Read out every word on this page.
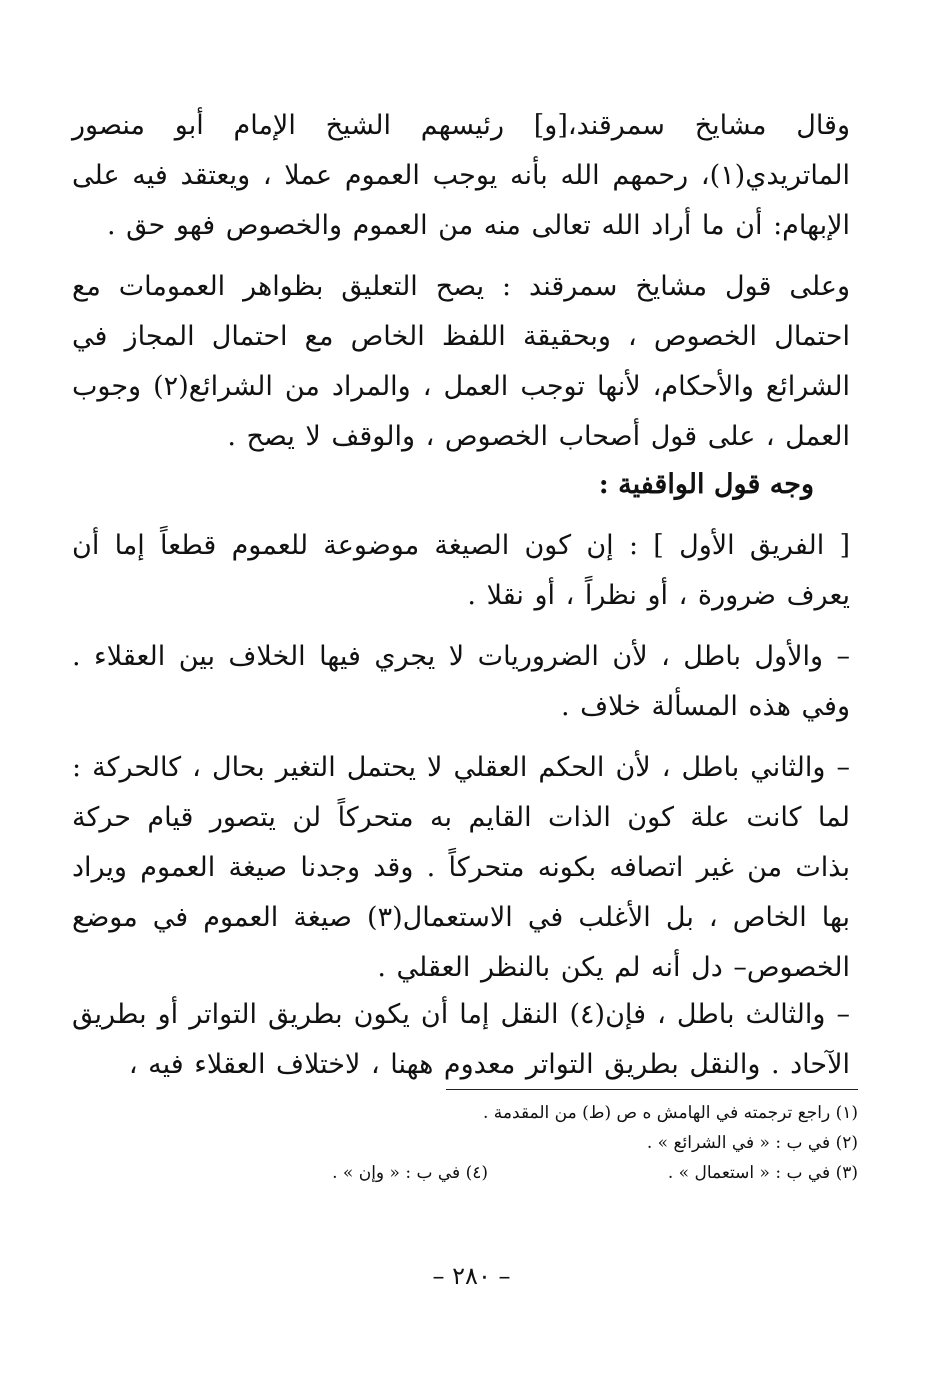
وقال مشايخ سمرقند،[و] رئيسهم الشيخ الإمام أبو منصور الماتريدي(١)، رحمهم الله بأنه يوجب العموم عملا ، ويعتقد فيه على الإبهام: أن ما أراد الله تعالى منه من العموم والخصوص فهو حق .

وعلى قول مشايخ سمرقند : يصح التعليق بظواهر العمومات مع احتمال الخصوص ، وبحقيقة اللفظ الخاص مع احتمال المجاز في الشرائع والأحكام، لأنها توجب العمل ، والمراد من الشرائع(٢) وجوب العمل ، على قول أصحاب الخصوص ، والوقف لا يصح .

وجه قول الواقفية :

[ الفريق الأول ] : إن كون الصيغة موضوعة للعموم قطعاً إما أن يعرف ضرورة ، أو نظراً ، أو نقلا .

– والأول باطل ، لأن الضروريات لا يجري فيها الخلاف بين العقلاء . وفي هذه المسألة خلاف .

– والثاني باطل ، لأن الحكم العقلي لا يحتمل التغير بحال ، كالحركة : لما كانت علة كون الذات القايم به متحركاً لن يتصور قيام حركة بذات من غير اتصافه بكونه متحركاً . وقد وجدنا صيغة العموم ويراد بها الخاص ، بل الأغلب في الاستعمال(٣) صيغة العموم في موضع الخصوص– دل أنه لم يكن بالنظر العقلي .

– والثالث باطل ، فإن(٤) النقل إما أن يكون بطريق التواتر أو بطريق الآحاد . والنقل بطريق التواتر معدوم ههنا ، لاختلاف العقلاء فيه ،

(١) راجع ترجمته في الهامش ه ص (ط) من المقدمة .
(٢) في ب : « في الشرائع » .
(٣) في ب : « استعمال » .
(٤) في ب : « وإن » .
– ٢٨٠ –
